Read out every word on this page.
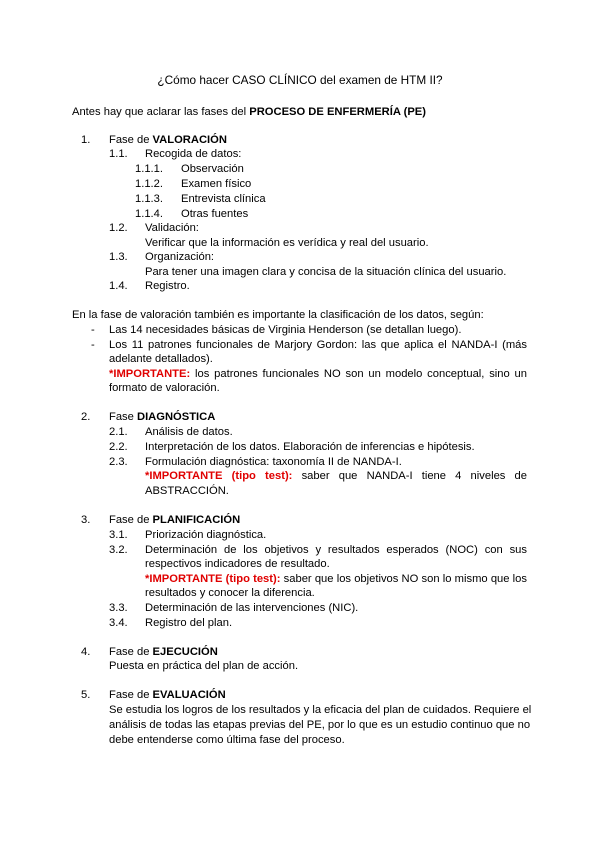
¿Cómo hacer CASO CLÍNICO del examen de HTM II?
Antes hay que aclarar las fases del PROCESO DE ENFERMERÍA (PE)
1. Fase de VALORACIÓN
1.1. Recogida de datos:
1.1.1. Observación
1.1.2. Examen físico
1.1.3. Entrevista clínica
1.1.4. Otras fuentes
1.2. Validación:
Verificar que la información es verídica y real del usuario.
1.3. Organización:
Para tener una imagen clara y concisa de la situación clínica del usuario.
1.4. Registro.
En la fase de valoración también es importante la clasificación de los datos, según:
- Las 14 necesidades básicas de Virginia Henderson (se detallan luego).
- Los 11 patrones funcionales de Marjory Gordon: las que aplica el NANDA-I (más
adelante detallados).
*IMPORTANTE: los patrones funcionales NO son un modelo conceptual, sino un
formato de valoración.
2. Fase DIAGNÓSTICA
2.1. Análisis de datos.
2.2. Interpretación de los datos. Elaboración de inferencias e hipótesis.
2.3. Formulación diagnóstica: taxonomía II de NANDA-I.
*IMPORTANTE (tipo test): saber que NANDA-I tiene 4 niveles de
ABSTRACCIÓN.
3. Fase de PLANIFICACIÓN
3.1. Priorización diagnóstica.
3.2. Determinación de los objetivos y resultados esperados (NOC) con sus
respectivos indicadores de resultado.
*IMPORTANTE (tipo test): saber que los objetivos NO son lo mismo que los
resultados y conocer la diferencia.
3.3. Determinación de las intervenciones (NIC).
3.4. Registro del plan.
4. Fase de EJECUCIÓN
Puesta en práctica del plan de acción.
5. Fase de EVALUACIÓN
Se estudia los logros de los resultados y la eficacia del plan de cuidados. Requiere el
análisis de todas las etapas previas del PE, por lo que es un estudio continuo que no
debe entenderse como última fase del proceso.
